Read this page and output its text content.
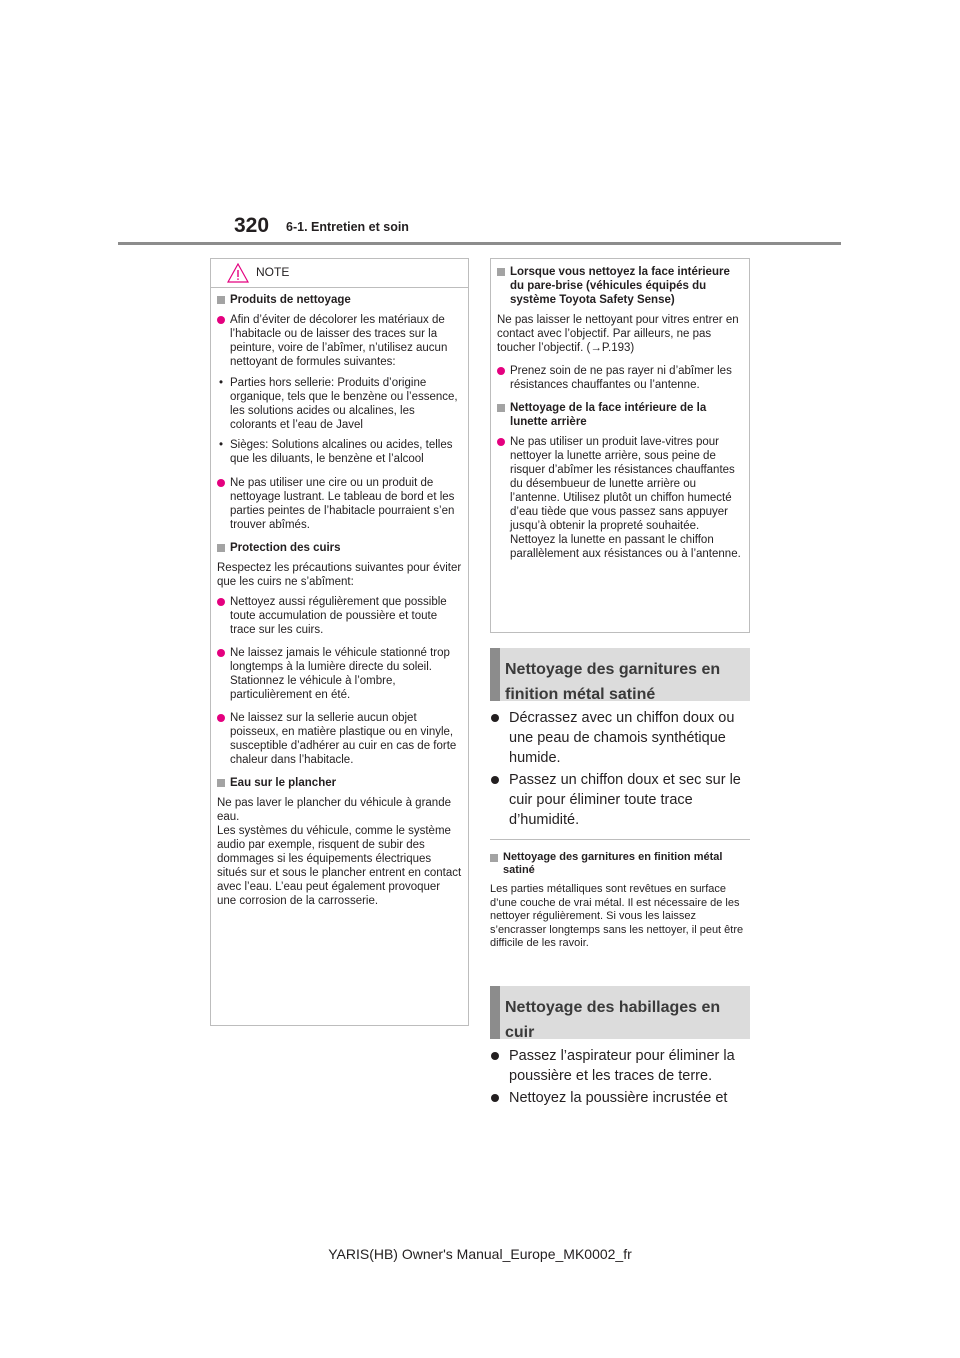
320 6-1. Entretien et soin
NOTE
Produits de nettoyage
Afin d’éviter de décolorer les matériaux de l’habitacle ou de laisser des traces sur la peinture, voire de l’abîmer, n’utilisez aucun nettoyant de formules suivantes:
• Parties hors sellerie: Produits d’origine organique, tels que le benzène ou l’essence, les solutions acides ou alcalines, les colorants et l’eau de Javel
• Sièges: Solutions alcalines ou acides, telles que les diluants, le benzène et l’alcool
Ne pas utiliser une cire ou un produit de nettoyage lustrant. Le tableau de bord et les parties peintes de l’habitacle pourraient s’en trouver abîmés.
Protection des cuirs
Respectez les précautions suivantes pour éviter que les cuirs ne s’abîment:
Nettoyez aussi régulièrement que possible toute accumulation de poussière et toute trace sur les cuirs.
Ne laissez jamais le véhicule stationné trop longtemps à la lumière directe du soleil. Stationnez le véhicule à l’ombre, particulièrement en été.
Ne laissez sur la sellerie aucun objet poisseux, en matière plastique ou en vinyle, susceptible d’adhérer au cuir en cas de forte chaleur dans l’habitacle.
Eau sur le plancher
Ne pas laver le plancher du véhicule à grande eau.
Les systèmes du véhicule, comme le système audio par exemple, risquent de subir des dommages si les équipements électriques situés sur et sous le plancher entrent en contact avec l’eau. L’eau peut également provoquer une corrosion de la carrosserie.
Lorsque vous nettoyez la face intérieure du pare-brise (véhicules équipés du système Toyota Safety Sense)
Ne pas laisser le nettoyant pour vitres entrer en contact avec l’objectif. Par ailleurs, ne pas toucher l’objectif. (→P.193)
Prenez soin de ne pas rayer ni d’abîmer les résistances chauffantes ou l’antenne.
Nettoyage de la face intérieure de la lunette arrière
Ne pas utiliser un produit lave-vitres pour nettoyer la lunette arrière, sous peine de risquer d’abîmer les résistances chauffantes du désembueur de lunette arrière ou l’antenne. Utilisez plutôt un chiffon humecté d’eau tiède que vous passez sans appuyer jusqu’à obtenir la propreté souhaitée. Nettoyez la lunette en passant le chiffon parallèlement aux résistances ou à l’antenne.
Nettoyage des garnitures en finition métal satiné
Décrassez avec un chiffon doux ou une peau de chamois synthétique humide.
Passez un chiffon doux et sec sur le cuir pour éliminer toute trace d’humidité.
Nettoyage des garnitures en finition métal satiné
Les parties métalliques sont revêtues en surface d’une couche de vrai métal. Il est nécessaire de les nettoyer régulièrement. Si vous les laissez s’encrasser longtemps sans les nettoyer, il peut être difficile de les ravoir.
Nettoyage des habillages en cuir
Passez l’aspirateur pour éliminer la poussière et les traces de terre.
Nettoyez la poussière incrustée et
YARIS(HB) Owner's Manual_Europe_MK0002_fr
